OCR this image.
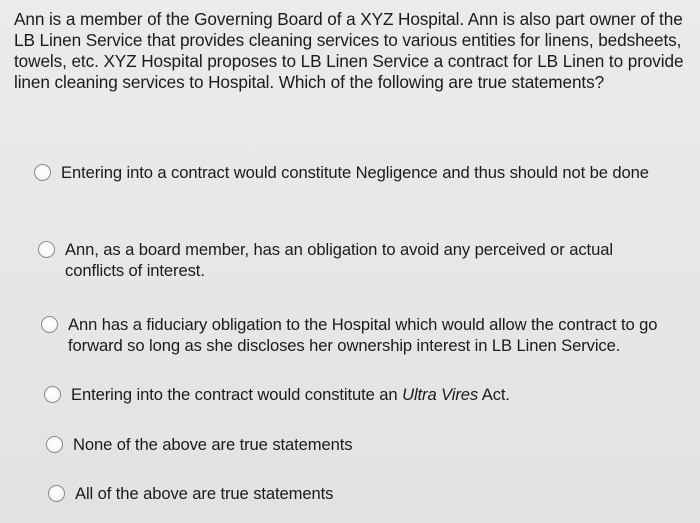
Ann is a member of the Governing Board of a XYZ Hospital. Ann is also part owner of the LB Linen Service that provides cleaning services to various entities for linens, bedsheets, towels, etc. XYZ Hospital proposes to LB Linen Service a contract for LB Linen to provide linen cleaning services to Hospital. Which of the following are true statements?

Entering into a contract would constitute Negligence and thus should not be done
Ann, as a board member, has an obligation to avoid any perceived or actual conflicts of interest.
Ann has a fiduciary obligation to the Hospital which would allow the contract to go forward so long as she discloses her ownership interest in LB Linen Service.
Entering into the contract would constitute an Ultra Vires Act.
None of the above are true statements
All of the above are true statements
